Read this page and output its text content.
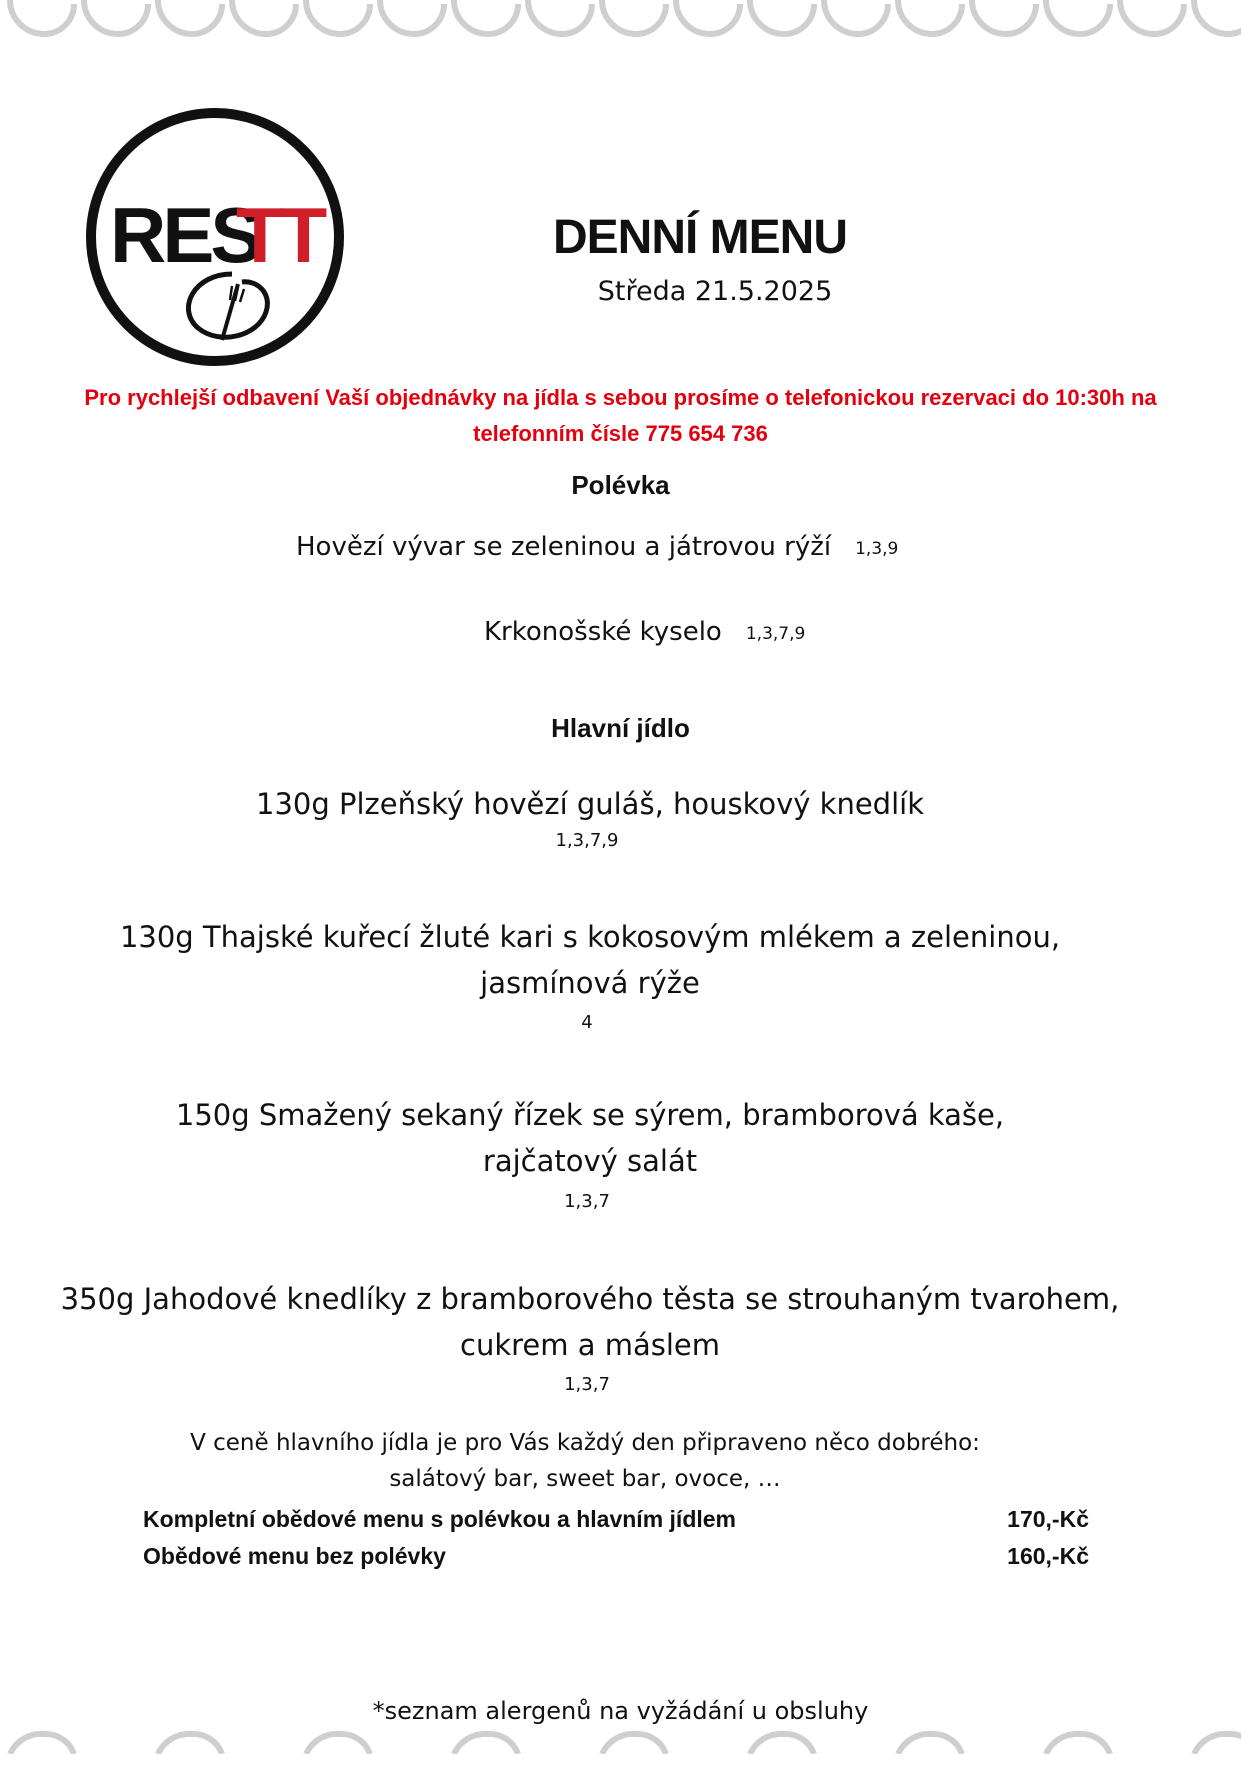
RES
TT	DENNÍ MENU
Středa 21.5.2025
Pro rychlejší odbavení Vaší objednávky na jídla s sebou prosíme o telefonickou rezervaci do 10:30h na
telefonním čísle 775 654 736
Polévka
Hovězí vývar se zeleninou a játrovou rýží 1,3,9
Krkonošské kyselo 1,3,7,9
Hlavní jídlo
130g Plzeňský hovězí guláš, houskový knedlík
1,3,7,9
130g Thajské kuřecí žluté kari s kokosovým mlékem a zeleninou,
jasmínová rýže
4
150g Smažený sekaný řízek se sýrem, bramborová kaše,
rajčatový salát
1,3,7
350g Jahodové knedlíky z bramborového těsta se strouhaným tvarohem,
cukrem a máslem
1,3,7
V ceně hlavního jídla je pro Vás každý den připraveno něco dobrého:
salátový bar, sweet bar, ovoce, …
Kompletní obědové menu s polévkou a hlavním jídlem	170,-Kč
Obědové menu bez polévky	160,-Kč
*seznam alergenů na vyžádání u obsluhy
